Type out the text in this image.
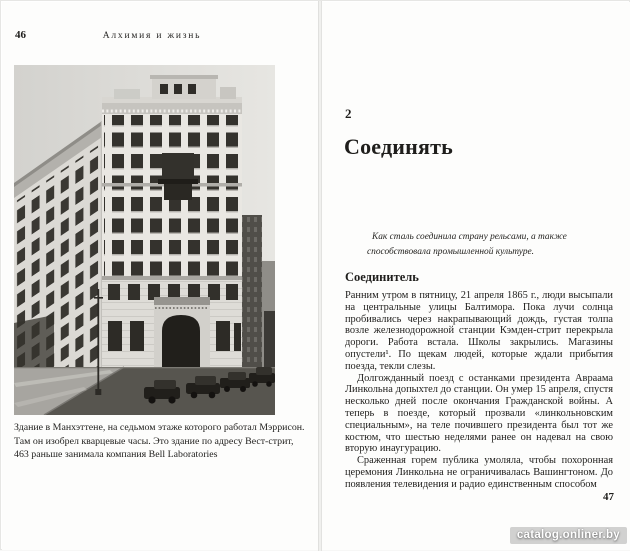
46	Алхимия и жизнь
Здание в Манхэттене, на седьмом этаже которого работал Мэррисон. Там он изобрел кварцевые часы. Это здание по адресу Вест-стрит, 463 раньше занимала компания Bell Laboratories
2
Соединять
Как сталь соединила страну рельсами, а также способствовала промышленной культуре.
Соединитель

Ранним утром в пятницу, 21 апреля 1865 г., люди высыпали на центральные улицы Балтимора. Пока лучи солнца пробивались через накрапывающий дождь, густая толпа возле железнодорожной станции Кэмден-стрит перекрыла дороги. Работа встала. Школы закрылись. Магазины опустели¹. По щекам людей, которые ждали прибытия поезда, текли слезы.

Долгожданный поезд с останками президента Авраама Линкольна допыхтел до станции. Он умер 15 апреля, спустя несколько дней после окончания Гражданской войны. А теперь в поезде, который прозвали «линкольновским специальным», на теле почившего президента был тот же костюм, что шестью неделями ранее он надевал на свою вторую инаугурацию.

Сраженная горем публика умоляла, чтобы похоронная церемония Линкольна не ограничивалась Вашингтоном. До появления телевидения и радио единственным способом

47
catalog.onliner.by
